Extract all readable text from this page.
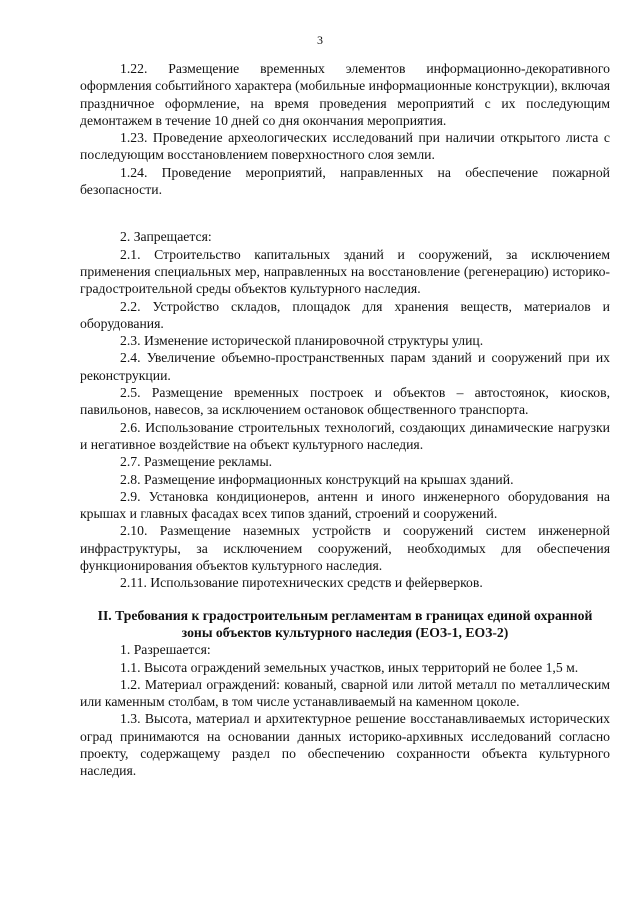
3

1.22. Размещение временных элементов информационно-декоративного оформления событийного характера (мобильные информационные конструкции), включая праздничное оформление, на время проведения мероприятий с их последующим демонтажем в течение 10 дней со дня окончания мероприятия.

1.23. Проведение археологических исследований при наличии открытого листа с последующим восстановлением поверхностного слоя земли.

1.24. Проведение мероприятий, направленных на обеспечение пожарной безопасности.

2. Запрещается:

2.1. Строительство капитальных зданий и сооружений, за исключением применения специальных мер, направленных на восстановление (регенерацию) историко-градостроительной среды объектов культурного наследия.

2.2. Устройство складов, площадок для хранения веществ, материалов и оборудования.

2.3. Изменение исторической планировочной структуры улиц.

2.4. Увеличение объемно-пространственных парам зданий и сооружений при их реконструкции.

2.5. Размещение временных построек и объектов – автостоянок, киосков, павильонов, навесов, за исключением остановок общественного транспорта.

2.6. Использование строительных технологий, создающих динамические нагрузки и негативное воздействие на объект культурного наследия.

2.7. Размещение рекламы.

2.8. Размещение информационных конструкций на крышах зданий.

2.9. Установка кондиционеров, антенн и иного инженерного оборудования на крышах и главных фасадах всех типов зданий, строений и сооружений.

2.10. Размещение наземных устройств и сооружений систем инженерной инфраструктуры, за исключением сооружений, необходимых для обеспечения функционирования объектов культурного наследия.

2.11. Использование пиротехнических средств и фейерверков.

II. Требования к градостроительным регламентам в границах единой охранной зоны объектов культурного наследия (ЕОЗ-1, ЕОЗ-2)

1. Разрешается:

1.1. Высота ограждений земельных участков, иных территорий не более 1,5 м.

1.2. Материал ограждений: кованый, сварной или литой металл по металлическим или каменным столбам, в том числе устанавливаемый на каменном цоколе.

1.3. Высота, материал и архитектурное решение восстанавливаемых исторических оград принимаются на основании данных историко-архивных исследований согласно проекту, содержащему раздел по обеспечению сохранности объекта культурного наследия.
